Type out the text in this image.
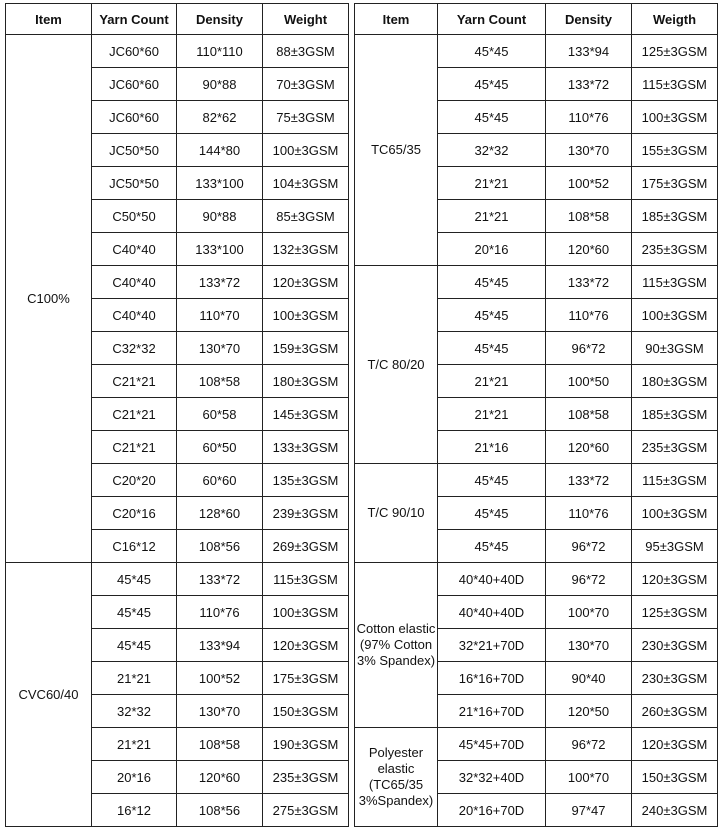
Item	Yarn Count	Density	Weight
C100%	JC60*60	110*110	88±3GSM
	JC60*60	90*88	70±3GSM
	JC60*60	82*62	75±3GSM
	JC50*50	144*80	100±3GSM
	JC50*50	133*100	104±3GSM
	C50*50	90*88	85±3GSM
	C40*40	133*100	132±3GSM
	C40*40	133*72	120±3GSM
	C40*40	110*70	100±3GSM
	C32*32	130*70	159±3GSM
	C21*21	108*58	180±3GSM
	C21*21	60*58	145±3GSM
	C21*21	60*50	133±3GSM
	C20*20	60*60	135±3GSM
	C20*16	128*60	239±3GSM
	C16*12	108*56	269±3GSM
CVC60/40	45*45	133*72	115±3GSM
	45*45	110*76	100±3GSM
	45*45	133*94	120±3GSM
	21*21	100*52	175±3GSM
	32*32	130*70	150±3GSM
	21*21	108*58	190±3GSM
	20*16	120*60	235±3GSM
	16*12	108*56	275±3GSM
Item	Yarn Count	Density	Weigth
TC65/35	45*45	133*94	125±3GSM
	45*45	133*72	115±3GSM
	45*45	110*76	100±3GSM
	32*32	130*70	155±3GSM
	21*21	100*52	175±3GSM
	21*21	108*58	185±3GSM
	20*16	120*60	235±3GSM
T/C 80/20	45*45	133*72	115±3GSM
	45*45	110*76	100±3GSM
	45*45	96*72	90±3GSM
	21*21	100*50	180±3GSM
	21*21	108*58	185±3GSM
	21*16	120*60	235±3GSM
T/C 90/10	45*45	133*72	115±3GSM
	45*45	110*76	100±3GSM
	45*45	96*72	95±3GSM
Cotton elastic (97% Cotton 3% Spandex)	40*40+40D	96*72	120±3GSM
	40*40+40D	100*70	125±3GSM
	32*21+70D	130*70	230±3GSM
	16*16+70D	90*40	230±3GSM
	21*16+70D	120*50	260±3GSM
Polyester elastic (TC65/35 3%Spandex)	45*45+70D	96*72	120±3GSM
	32*32+40D	100*70	150±3GSM
	20*16+70D	97*47	240±3GSM
